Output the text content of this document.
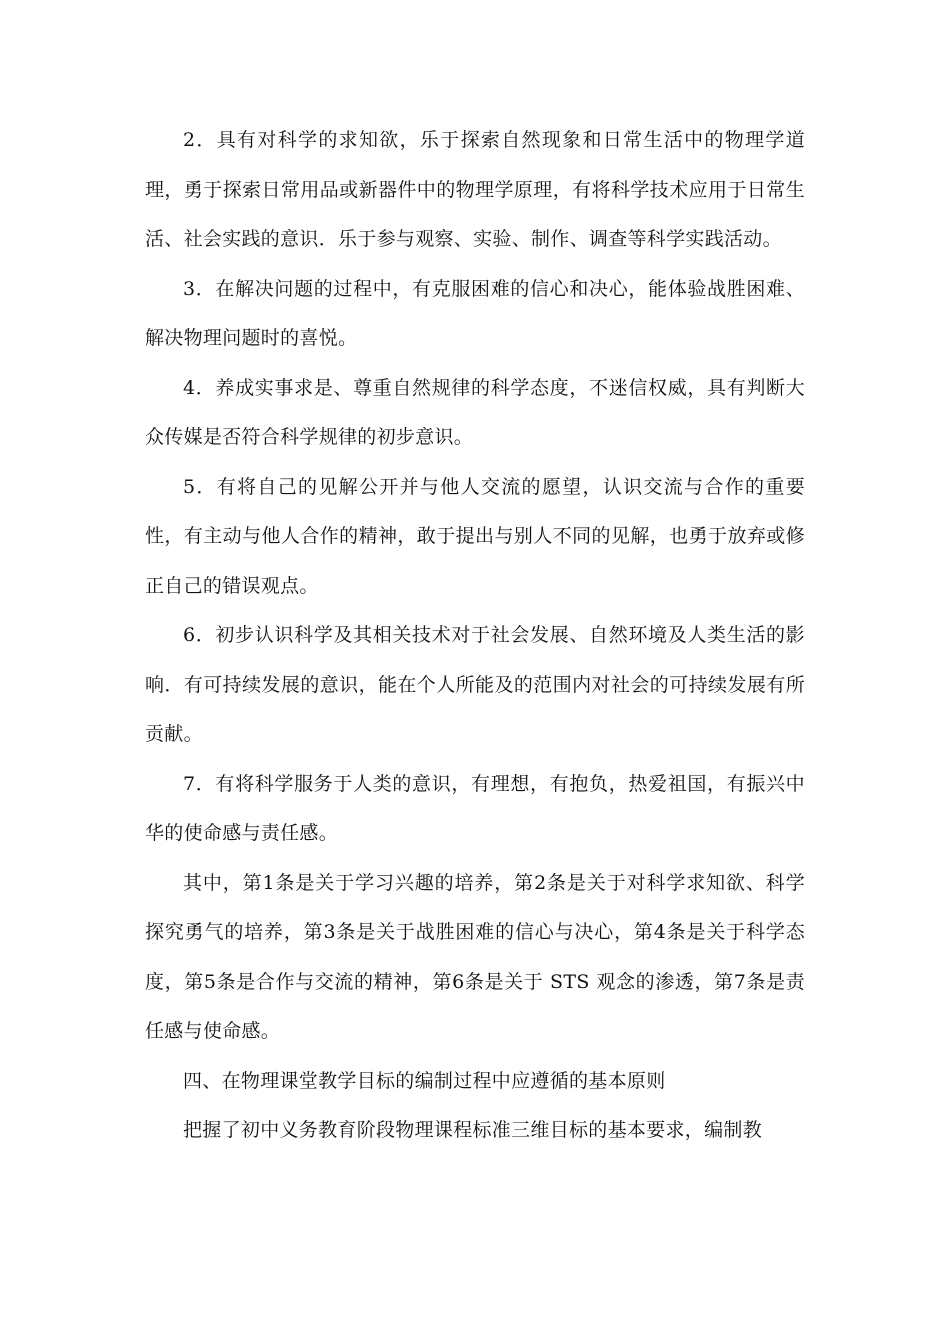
2．具有对科学的求知欲，乐于探索自然现象和日常生活中的物理学道理，勇于探索日常用品或新器件中的物理学原理，有将科学技术应用于日常生活、社会实践的意识．乐于参与观察、实验、制作、调查等科学实践活动。

3．在解决问题的过程中，有克服困难的信心和决心，能体验战胜困难、解决物理问题时的喜悦。

4．养成实事求是、尊重自然规律的科学态度，不迷信权威，具有判断大众传媒是否符合科学规律的初步意识。

5．有将自己的见解公开并与他人交流的愿望，认识交流与合作的重要性，有主动与他人合作的精神，敢于提出与别人不同的见解，也勇于放弃或修正自己的错误观点。

6．初步认识科学及其相关技术对于社会发展、自然环境及人类生活的影响．有可持续发展的意识，能在个人所能及的范围内对社会的可持续发展有所贡献。

7．有将科学服务于人类的意识，有理想，有抱负，热爱祖国，有振兴中华的使命感与责任感。

其中，第1条是关于学习兴趣的培养，第2条是关于对科学求知欲、科学探究勇气的培养，第3条是关于战胜困难的信心与决心，第4条是关于科学态度，第5条是合作与交流的精神，第6条是关于 STS 观念的渗透，第7条是责任感与使命感。

四、在物理课堂教学目标的编制过程中应遵循的基本原则

把握了初中义务教育阶段物理课程标准三维目标的基本要求，编制教
